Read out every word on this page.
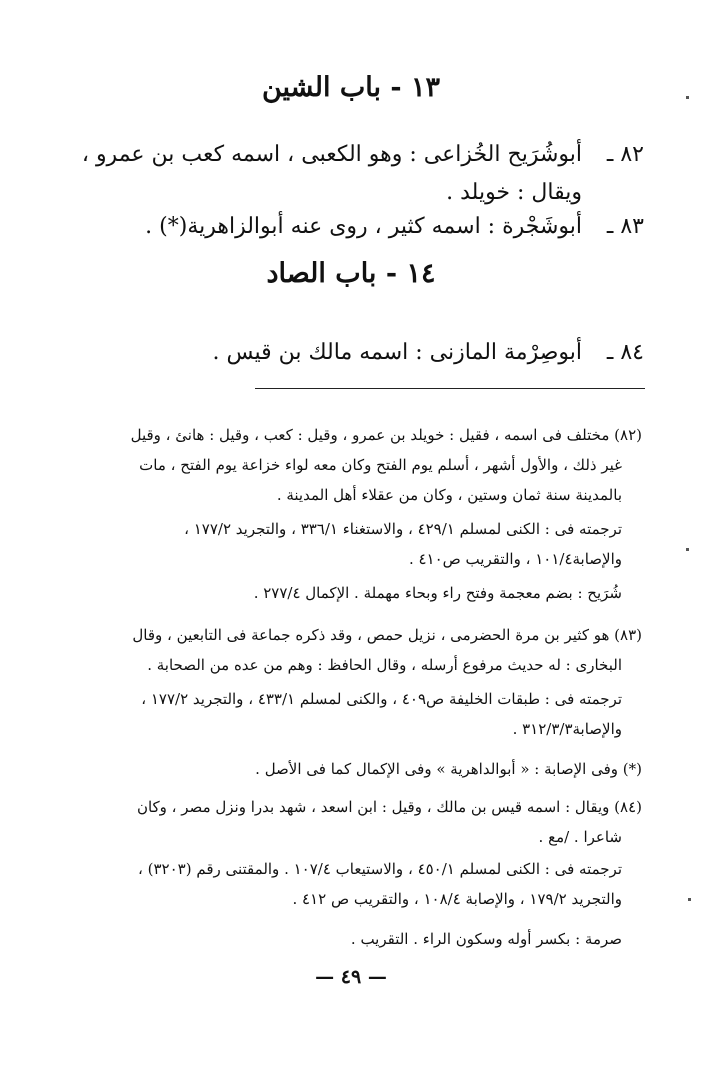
١٣ - باب الشين
٨٢ ـأبوشُرَيح الخُزاعى : وهو الكعبى ، اسمه كعب بن عمرو ،
ويقال : خويلد .
٨٣ ـأبوشَجْرة : اسمه كثير ، روى عنه أبوالزاهرية(*) .
١٤ - باب الصاد
٨٤ ـأبوصِرْمة المازنى : اسمه مالك بن قيس .
(٨٢) مختلف فى اسمه ، فقيل : خويلد بن عمرو ، وقيل : كعب ، وقيل : هانئ ، وقيل
غير ذلك ، والأول أشهر ، أسلم يوم الفتح وكان معه لواء خزاعة يوم الفتح ، مات
بالمدينة سنة ثمان وستين ، وكان من عقلاء أهل المدينة .
ترجمته فى : الكنى لمسلم ٤٢٩/١ ، والاستغناء ٣٣٦/١ ، والتجريد ١٧٧/٢ ،
والإصابة١٠١/٤ ، والتقريب ص٤١٠ .
شُرَيح : بضم معجمة وفتح راء وبحاء مهملة . الإكمال ٢٧٧/٤ .
(٨٣) هو كثير بن مرة الحضرمى ، نزيل حمص ، وقد ذكره جماعة فى التابعين ، وقال
البخارى : له حديث مرفوع أرسله ، وقال الحافظ : وهم من عده من الصحابة .
ترجمته فى : طبقات الخليفة ص٤٠٩ ، والكنى لمسلم ٤٣٣/١ ، والتجريد ١٧٧/٢ ،
والإصابة٣١٢/٣/٣ .
(*) وفى الإصابة : « أبوالداهرية » وفى الإكمال كما فى الأصل .
(٨٤) ويقال : اسمه قيس بن مالك ، وقيل : ابن اسعد ، شهد بدرا ونزل مصر ، وكان
شاعرا . /مع .
ترجمته فى : الكنى لمسلم ٤٥٠/١ ، والاستيعاب ١٠٧/٤ . والمقتنى رقم (٣٢٠٣) ،
والتجريد ١٧٩/٢ ، والإصابة ١٠٨/٤ ، والتقريب ص ٤١٢ .
صرمة : بكسر أوله وسكون الراء . التقريب .
— ٤٩ —
